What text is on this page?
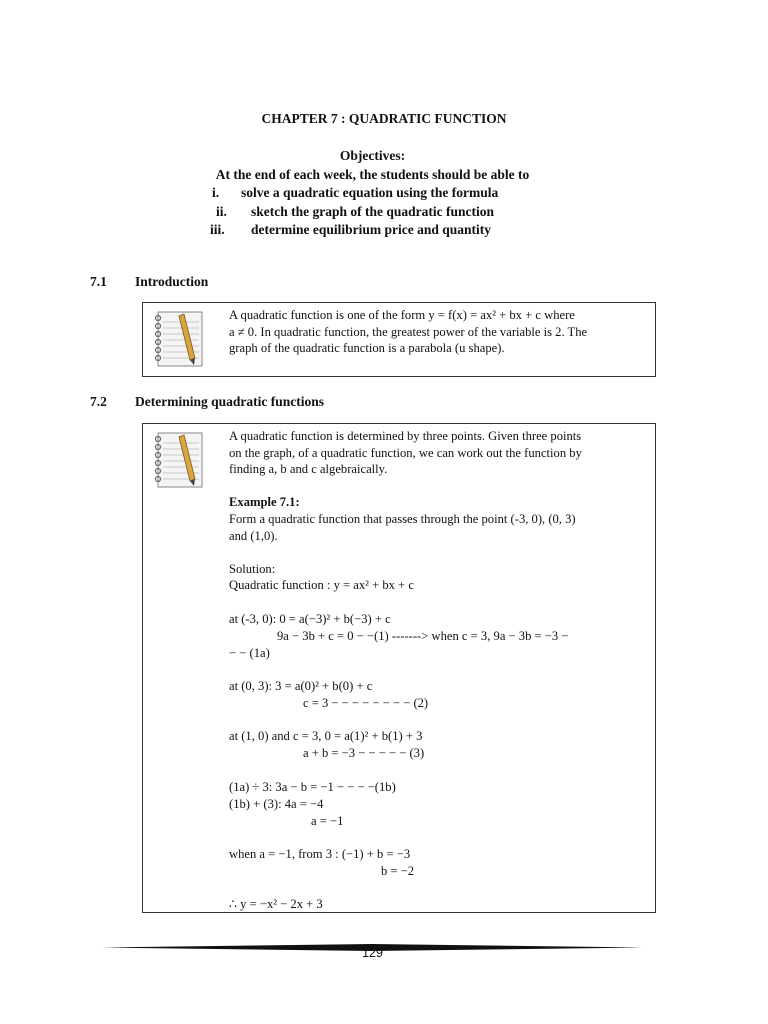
CHAPTER 7 : QUADRATIC FUNCTION
Objectives:
At the end of each week, the students should be able to
i. solve a quadratic equation using the formula
ii. sketch the graph of the quadratic function
iii. determine equilibrium price and quantity
7.1 Introduction
A quadratic function is one of the form y = f(x) = ax² + bx + c where
a ≠ 0. In quadratic function, the greatest power of the variable is 2. The
graph of the quadratic function is a parabola (u shape).
7.2 Determining quadratic functions
A quadratic function is determined by three points. Given three points
on the graph, of a quadratic function, we can work out the function by
finding a, b and c algebraically.
Example 7.1:
Form a quadratic function that passes through the point (-3, 0), (0, 3)
and (1,0).
Solution:
Quadratic function : y = ax² + bx + c
at (-3, 0): 0 = a(−3)² + b(−3) + c
9a − 3b + c = 0 − −(1) -------> when c = 3, 9a − 3b = −3 −
− − (1a)
at (0, 3): 3 = a(0)² + b(0) + c
c = 3 − − − − − − − − (2)
at (1, 0) and c = 3, 0 = a(1)² + b(1) + 3
a + b = −3 − − − − − (3)
(1a) ÷ 3: 3a − b = −1 − − − −(1b)
(1b) + (3): 4a = −4
a = −1
when a = −1, from 3 : (−1) + b = −3
b = −2
∴ y = −x² − 2x + 3
129
